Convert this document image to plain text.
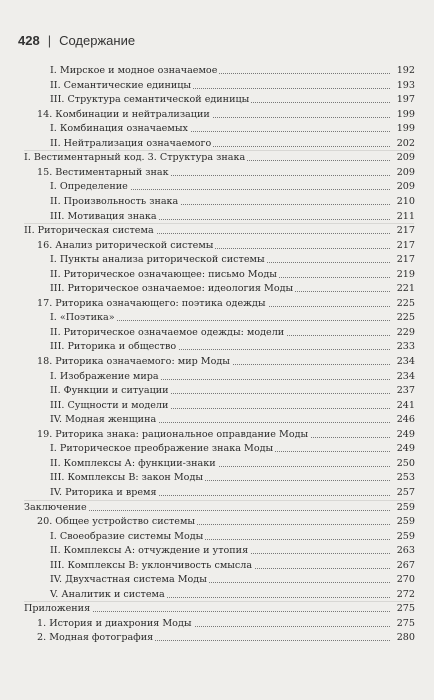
428 | Содержание
I. Мирское и модное означаемое	192
II. Семантические единицы	193
III. Структура семантической единицы	197
14. Комбинации и нейтрализации	199
I. Комбинация означаемых	199
II. Нейтрализация означаемого	202
I. Вестиментарный код. 3. Структура знака	209
15. Вестиментарный знак	209
I. Определение	209
II. Произвольность знака	210
III. Мотивация знака	211
II. Риторическая система	217
16. Анализ риторической системы	217
I. Пункты анализа риторической системы	217
II. Риторическое означающее: письмо Моды	219
III. Риторическое означаемое: идеология Моды	221
17. Риторика означающего: поэтика одежды	225
I. «Поэтика»	225
II. Риторическое означаемое одежды: модели	229
III. Риторика и общество	233
18. Риторика означаемого: мир Моды	234
I. Изображение мира	234
II. Функции и ситуации	237
III. Сущности и модели	241
IV. Модная женщина	246
19. Риторика знака: рациональное оправдание Моды	249
I. Риторическое преображение знака Моды	249
II. Комплексы А: функции-знаки	250
III. Комплексы В: закон Моды	253
IV. Риторика и время	257
Заключение	259
20. Общее устройство системы	259
I. Своеобразие системы Моды	259
II. Комплексы А: отчуждение и утопия	263
III. Комплексы В: уклончивость смысла	267
IV. Двухчастная система Моды	270
V. Аналитик и система	272
Приложения	275
1. История и диахрония Моды	275
2. Модная фотография	280
